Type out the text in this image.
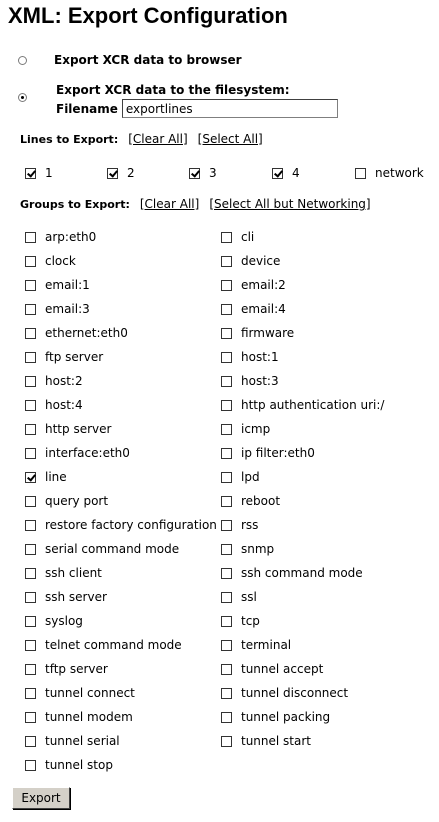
XML: Export Configuration
Export XCR data to browser
Export XCR data to the filesystem:
Filename
exportlines
Lines to Export: [Clear All] [Select All]
1	2	3	4	network
Groups to Export: [Clear All] [Select All but Networking]
arp:eth0
clock
email:1
email:3
ethernet:eth0
ftp server
host:2
host:4
http server
interface:eth0
line
query port
restore factory configuration
serial command mode
ssh client
ssh server
syslog
telnet command mode
tftp server
tunnel connect
tunnel modem
tunnel serial
tunnel stop
cli
device
email:2
email:4
firmware
host:1
host:3
http authentication uri:/
icmp
ip filter:eth0
lpd
reboot
rss
snmp
ssh command mode
ssl
tcp
terminal
tunnel accept
tunnel disconnect
tunnel packing
tunnel start
Export
